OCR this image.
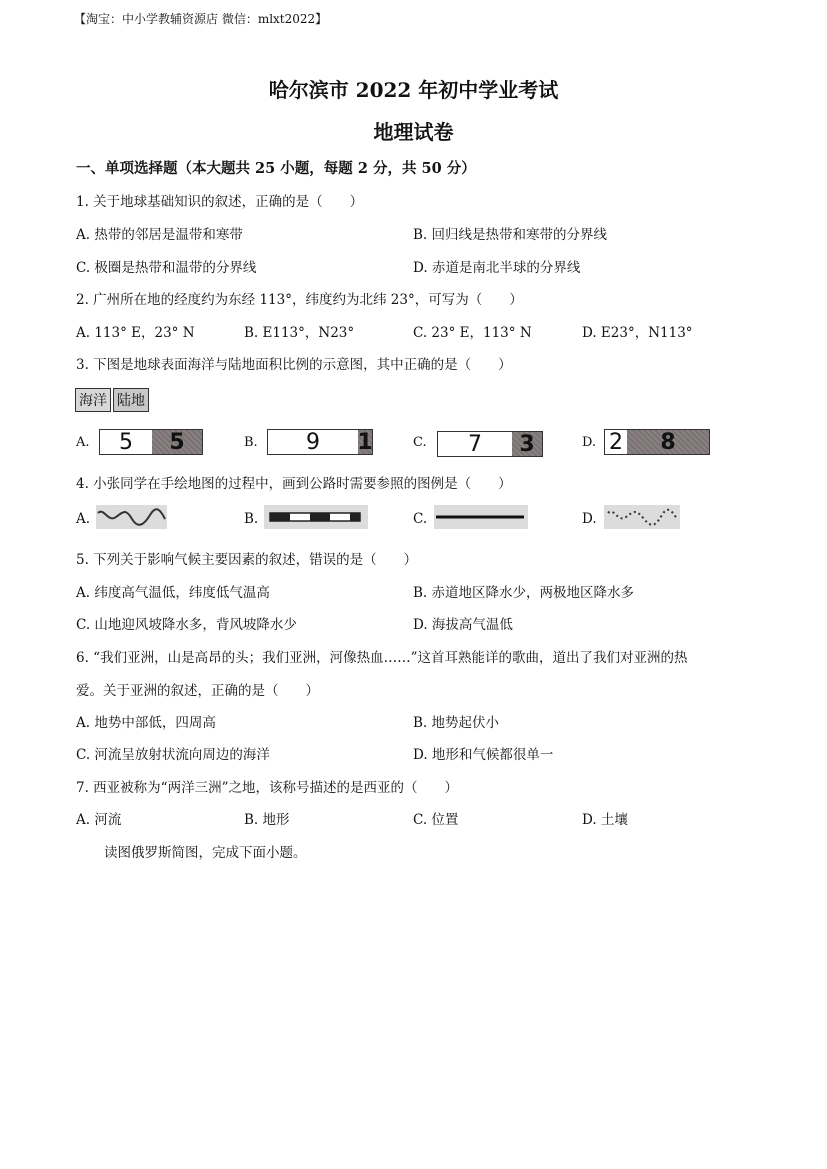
【淘宝：中小学教辅资源店 微信：mlxt2022】
哈尔滨市 2022 年初中学业考试
地理试卷
一、单项选择题（本大题共 25 小题，每题 2 分，共 50 分）
1. 关于地球基础知识的叙述，正确的是（　　）
A. 热带的邻居是温带和寒带	B. 回归线是热带和寒带的分界线
C. 极圈是热带和温带的分界线	D. 赤道是南北半球的分界线
2. 广州所在地的经度约为东经 113°，纬度约为北纬 23°，可写为（　　）
A. 113° E，23° N	B. E113°，N23°	C. 23° E，113° N	D. E23°，N113°
3. 下图是地球表面海洋与陆地面积比例的示意图，其中正确的是（　　）
海洋 陆地
A.	5	5	B.	9	1	C.	7	3	D. 2	8
4. 小张同学在手绘地图的过程中，画到公路时需要参照的图例是（　　）
A.	B.	C.	D.
5. 下列关于影响气候主要因素的叙述，错误的是（　　）
A. 纬度高气温低，纬度低气温高	B. 赤道地区降水少，两极地区降水多
C. 山地迎风坡降水多，背风坡降水少	D. 海拔高气温低
6. “我们亚洲，山是高昂的头；我们亚洲，河像热血……”这首耳熟能详的歌曲，道出了我们对亚洲的热
爱。关于亚洲的叙述，正确的是（　　）
A. 地势中部低，四周高	B. 地势起伏小
C. 河流呈放射状流向周边的海洋	D. 地形和气候都很单一
7. 西亚被称为“两洋三洲”之地，该称号描述的是西亚的（　　）
A. 河流	B. 地形	C. 位置	D. 土壤
读图俄罗斯简图，完成下面小题。
